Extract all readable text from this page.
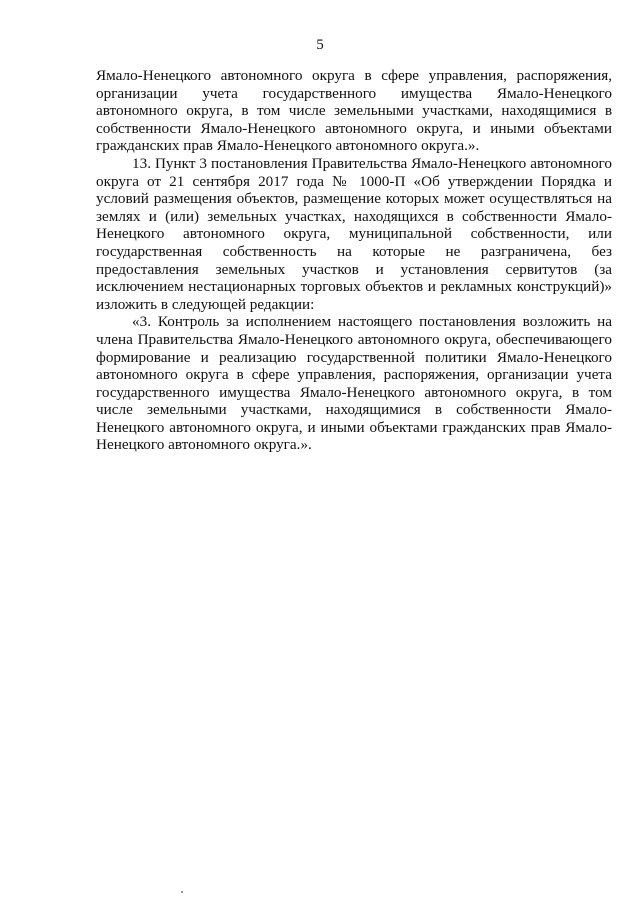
5

Ямало-Ненецкого автономного округа в сфере управления, распоряжения, организации учета государственного имущества Ямало-Ненецкого автономного округа, в том числе земельными участками, находящимися в собственности Ямало-Ненецкого автономного округа, и иными объектами гражданских прав Ямало-Ненецкого автономного округа.».

13. Пункт 3 постановления Правительства Ямало-Ненецкого автономного округа от 21 сентября 2017 года № 1000-П «Об утверждении Порядка и условий размещения объектов, размещение которых может осуществляться на землях и (или) земельных участках, находящихся в собственности Ямало-Ненецкого автономного округа, муниципальной собственности, или государственная собственность на которые не разграничена, без предоставления земельных участков и установления сервитутов (за исключением нестационарных торговых объектов и рекламных конструкций)» изложить в следующей редакции:

«3. Контроль за исполнением настоящего постановления возложить на члена Правительства Ямало-Ненецкого автономного округа, обеспечивающего формирование и реализацию государственной политики Ямало-Ненецкого автономного округа в сфере управления, распоряжения, организации учета государственного имущества Ямало-Ненецкого автономного округа, в том числе земельными участками, находящимися в собственности Ямало-Ненецкого автономного округа, и иными объектами гражданских прав Ямало-Ненецкого автономного округа.».
